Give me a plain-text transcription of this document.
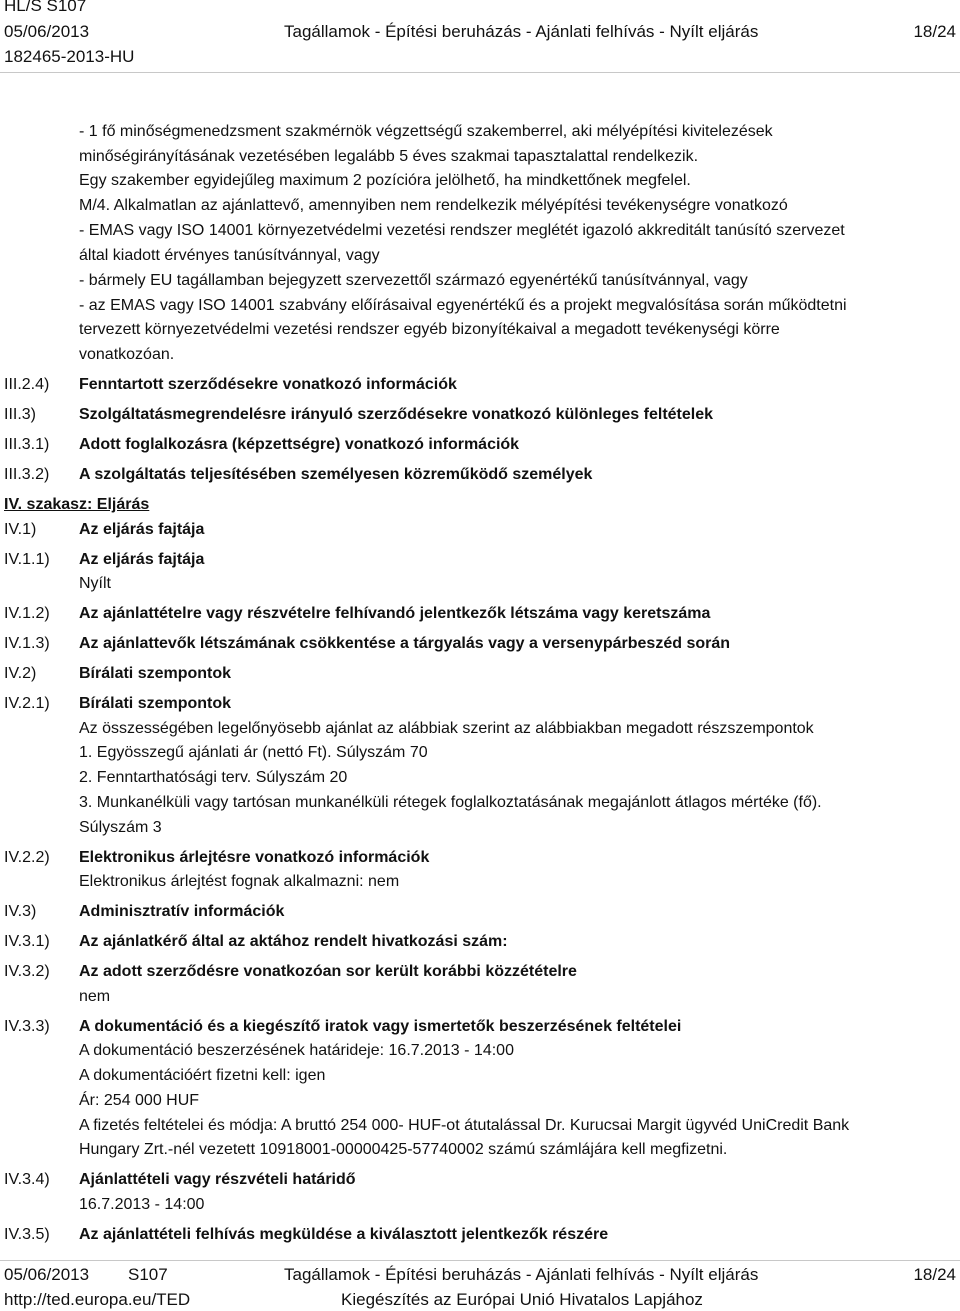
HL/S S107
05/06/2013	Tagállamok - Építési beruházás - Ajánlati felhívás - Nyílt eljárás	18/24
182465-2013-HU
- 1 fő minőségmenedzsment szakmérnök végzettségű szakemberrel, aki mélyépítési kivitelezések
minőségirányításának vezetésében legalább 5 éves szakmai tapasztalattal rendelkezik.
Egy szakember egyidejűleg maximum 2 pozícióra jelölhető, ha mindkettőnek megfelel.
M/4. Alkalmatlan az ajánlattevő, amennyiben nem rendelkezik mélyépítési tevékenységre vonatkozó
- EMAS vagy ISO 14001 környezetvédelmi vezetési rendszer meglétét igazoló akkreditált tanúsító szervezet
által kiadott érvényes tanúsítvánnyal, vagy
- bármely EU tagállamban bejegyzett szervezettől származó egyenértékű tanúsítvánnyal, vagy
- az EMAS vagy ISO 14001 szabvány előírásaival egyenértékű és a projekt megvalósítása során működtetni
tervezett környezetvédelmi vezetési rendszer egyéb bizonyítékaival a megadott tevékenységi körre
vonatkozóan.
III.2.4) Fenntartott szerződésekre vonatkozó információk
III.3)	Szolgáltatásmegrendelésre irányuló szerződésekre vonatkozó különleges feltételek
III.3.1) Adott foglalkozásra (képzettségre) vonatkozó információk
III.3.2) A szolgáltatás teljesítésében személyesen közreműködő személyek
IV. szakasz: Eljárás
IV.1)	Az eljárás fajtája
IV.1.1) Az eljárás fajtája
Nyílt
IV.1.2) Az ajánlattételre vagy részvételre felhívandó jelentkezők létszáma vagy keretszáma
IV.1.3) Az ajánlattevők létszámának csökkentése a tárgyalás vagy a versenypárbeszéd során
IV.2)	Bírálati szempontok
IV.2.1) Bírálati szempontok
Az összességében legelőnyösebb ajánlat az alábbiak szerint az alábbiakban megadott részszempontok
1. Egyösszegű ajánlati ár (nettó Ft). Súlyszám 70
2. Fenntarthatósági terv. Súlyszám 20
3. Munkanélküli vagy tartósan munkanélküli rétegek foglalkoztatásának megajánlott átlagos mértéke (fő).
Súlyszám 3
IV.2.2) Elektronikus árlejtésre vonatkozó információk
Elektronikus árlejtést fognak alkalmazni: nem
IV.3)	Adminisztratív információk
IV.3.1) Az ajánlatkérő által az aktához rendelt hivatkozási szám:
IV.3.2) Az adott szerződésre vonatkozóan sor került korábbi közzétételre
nem
IV.3.3) A dokumentáció és a kiegészítő iratok vagy ismertetők beszerzésének feltételei
A dokumentáció beszerzésének határideje: 16.7.2013 - 14:00
A dokumentációért fizetni kell: igen
Ár: 254 000 HUF
A fizetés feltételei és módja: A bruttó 254 000- HUF-ot átutalással Dr. Kurucsai Margit ügyvéd UniCredit Bank
Hungary Zrt.-nél vezetett 10918001-00000425-57740002 számú számlájára kell megfizetni.
IV.3.4) Ajánlattételi vagy részvételi határidő
16.7.2013 - 14:00
IV.3.5) Az ajánlattételi felhívás megküldése a kiválasztott jelentkezők részére
05/06/2013 S107	Tagállamok - Építési beruházás - Ajánlati felhívás - Nyílt eljárás	18/24
http://ted.europa.eu/TED	Kiegészítés az Európai Unió Hivatalos Lapjához
